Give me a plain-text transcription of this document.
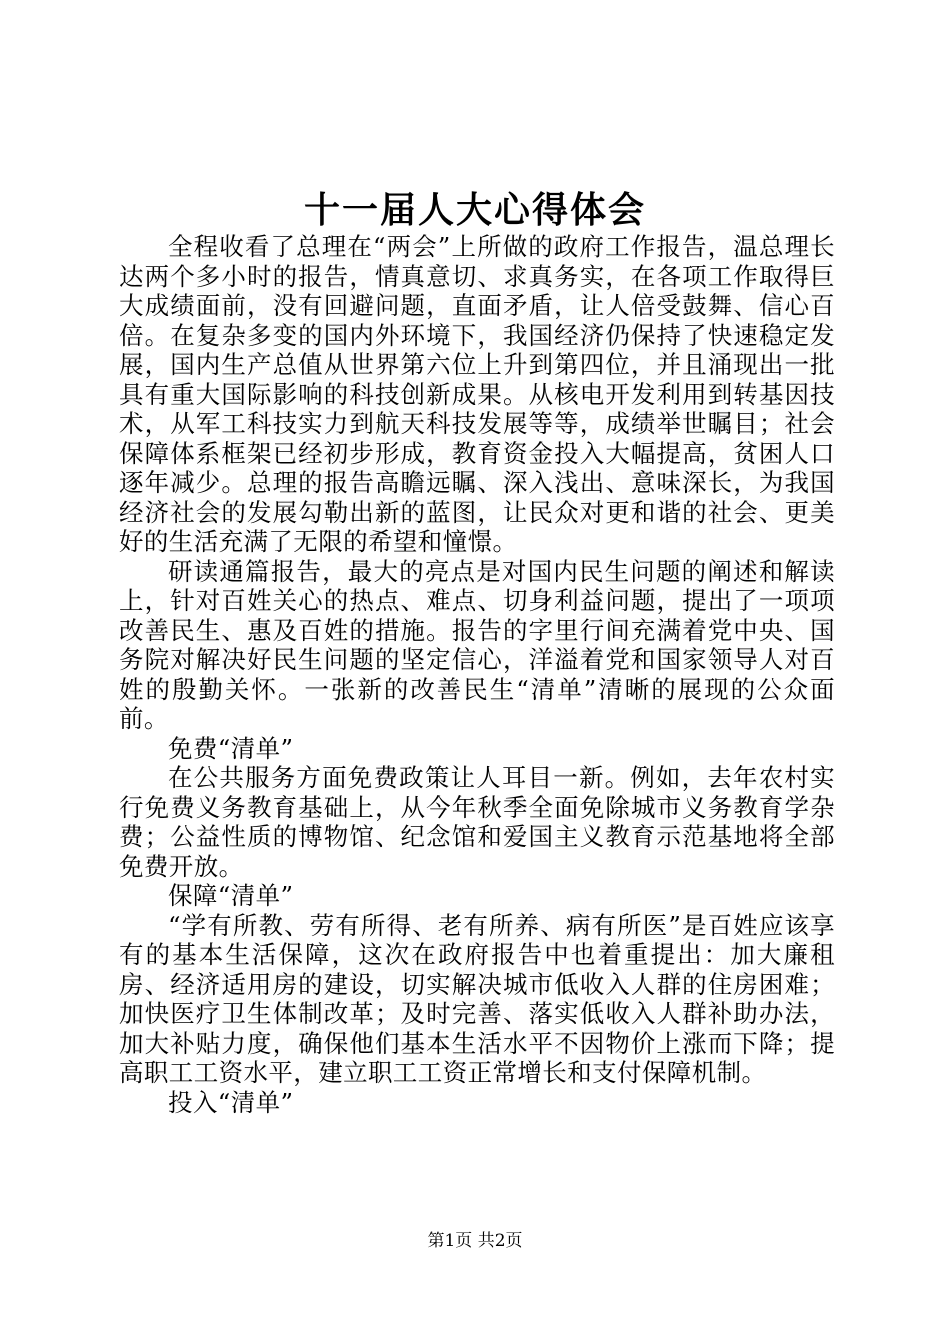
十一届人大心得体会

全程收看了总理在“两会”上所做的政府工作报告，温总理长达两个多小时的报告，情真意切、求真务实，在各项工作取得巨大成绩面前，没有回避问题，直面矛盾，让人倍受鼓舞、信心百倍。在复杂多变的国内外环境下，我国经济仍保持了快速稳定发展，国内生产总值从世界第六位上升到第四位，并且涌现出一批具有重大国际影响的科技创新成果。从核电开发利用到转基因技术，从军工科技实力到航天科技发展等等，成绩举世瞩目；社会保障体系框架已经初步形成，教育资金投入大幅提高，贫困人口逐年减少。总理的报告高瞻远瞩、深入浅出、意味深长，为我国经济社会的发展勾勒出新的蓝图，让民众对更和谐的社会、更美好的生活充满了无限的希望和憧憬。

研读通篇报告，最大的亮点是对国内民生问题的阐述和解读上，针对百姓关心的热点、难点、切身利益问题，提出了一项项改善民生、惠及百姓的措施。报告的字里行间充满着党中央、国务院对解决好民生问题的坚定信心，洋溢着党和国家领导人对百姓的殷勤关怀。一张新的改善民生“清单”清晰的展现的公众面前。

免费“清单”

在公共服务方面免费政策让人耳目一新。例如，去年农村实行免费义务教育基础上，从今年秋季全面免除城市义务教育学杂费；公益性质的博物馆、纪念馆和爱国主义教育示范基地将全部免费开放。

保障“清单”

“学有所教、劳有所得、老有所养、病有所医”是百姓应该享有的基本生活保障，这次在政府报告中也着重提出：加大廉租房、经济适用房的建设，切实解决城市低收入人群的住房困难；加快医疗卫生体制改革；及时完善、落实低收入人群补助办法，加大补贴力度，确保他们基本生活水平不因物价上涨而下降；提高职工工资水平，建立职工工资正常增长和支付保障机制。

投入“清单”

第1页 共2页
